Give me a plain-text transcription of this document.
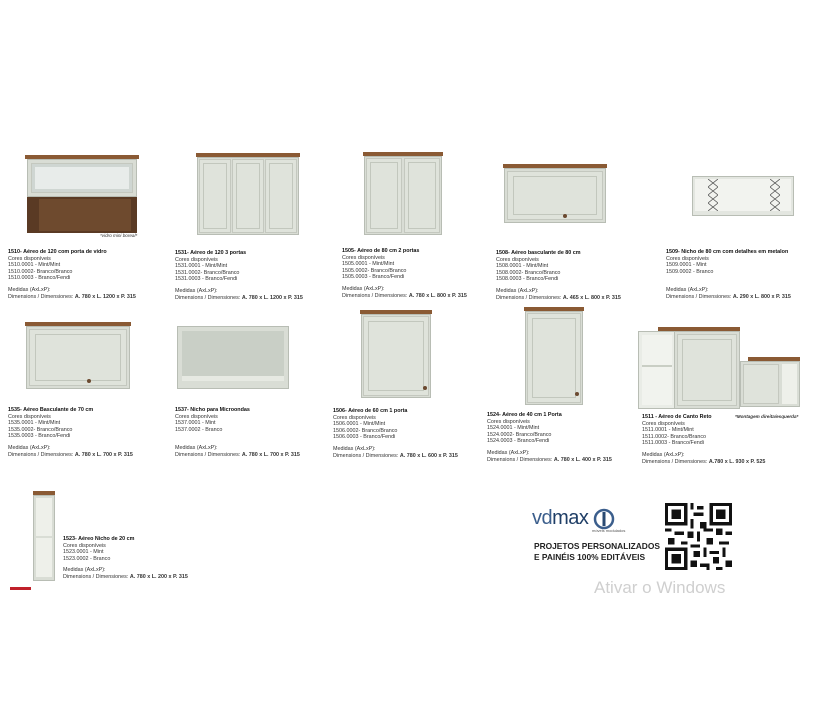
*vidro mini boreal*
1510- Aéreo de 120 com porta de vidro
Cores disponíveis
1510.0001 - Mint/Mint
1510.0002- Branco/Branco
1510.0003 - Branco/Fendi
Medidas (AxLxP):
Dimensions / Dimensiones: A. 780 x L. 1200 x P. 315
1531- Aéreo de 120 3 portas
Cores disponíveis
1531.0001 - Mint/Mint
1531.0002- Branco/Branco
1531.0003 - Branco/Fendi
Medidas (AxLxP):
Dimensions / Dimensiones: A. 780 x L. 1200 x P. 315
1505- Aéreo de 80 cm 2 portas
Cores disponíveis
1505.0001 - Mint/Mint
1505.0002- Branco/Branco
1505.0003 - Branco/Fendi
Medidas (AxLxP):
Dimensions / Dimensiones: A. 780 x L. 800 x P. 315
1508- Aéreo basculante de 80 cm
Cores disponíveis
1508.0001 - Mint/Mint
1508.0002- Branco/Branco
1508.0003 - Branco/Fendi
Medidas (AxLxP):
Dimensions / Dimensiones: A. 465 x L. 800 x P. 315
1509- Nicho de 80 cm com detalhes em metalon
Cores disponíveis
1509.0001 - Mint
1509.0002 - Branco
Medidas (AxLxP):
Dimensions / Dimensiones: A. 290 x L. 800 x P. 315
1535- Aéreo Basculante de 70 cm
Cores disponíveis
1535.0001 - Mint/Mint
1535.0002- Branco/Branco
1535.0003 - Branco/Fendi
Medidas (AxLxP):
Dimensions / Dimensiones: A. 780 x L. 700 x P. 315
1537- Nicho para Microondas
Cores disponíveis
1537.0001 - Mint
1537.0002 - Branco
Medidas (AxLxP):
Dimensions / Dimensiones: A. 780 x L. 700 x P. 315
1506- Aéreo de 60 cm 1 porta
Cores disponíveis
1506.0001 - Mint/Mint
1506.0002- Branco/Branco
1506.0003 - Branco/Fendi
Medidas (AxLxP):
Dimensions / Dimensiones: A. 780 x L. 600 x P. 315
1524- Aéreo de 40 cm 1 Porta
Cores disponíveis
1524.0001 - Mint/Mint
1524.0002- Branco/Branco
1524.0003 - Branco/Fendi
Medidas (AxLxP):
Dimensions / Dimensiones: A. 780 x L. 400 x P. 315
1511 - Aéreo de Canto Reto
Cores disponíveis
1511.0001 - Mint/Mint
1511.0002- Branco/Branco
1511.0003 - Branco/Fendi
Medidas (AxLxP):
Dimensions / Dimensiones: A.780 x L. 930 x P. 525
*Montagem direita/esquerda*
1523- Aéreo Nicho de 20 cm
Cores disponíveis
1523.0001 - Mint
1523.0002 - Branco
Medidas (AxLxP):
Dimensions / Dimensiones: A. 780 x L. 200 x P. 315
vdmax
móveis modulados
PROJETOS PERSONALIZADOS
E PAINÉIS 100% EDITÁVEIS
Ativar o Windows
